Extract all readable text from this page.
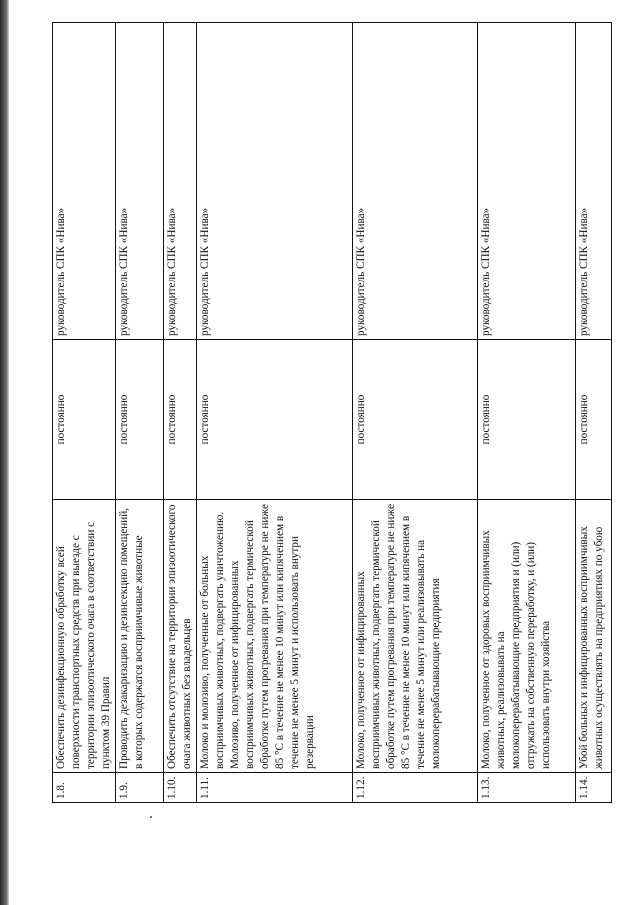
1.8.	Обеспечить дезинфекционную обработку всей поверхности транспортных средств при выезде с территории эпизоотического очага в соответствии с пунктом 39 Правил	постоянно	руководитель СПК «Нива»
1.9.	Проводить дезакаризацию и дезинсекцию помещений, в которых содержатся восприимчивые животные	постоянно	руководитель СПК «Нива»
1.10.	Обеспечить отсутствие на территории эпизоотического очага животных без владельцев	постоянно	руководитель СПК «Нива»
1.11.	Молоко и молозиво, полученные от больных восприимчивых животных, подвергать уничтожению. Молозиво, полученное от инфицированных восприимчивых животных, подвергать термической обработке путем прогревания при температуре не ниже 85 °С в течение не менее 10 минут или кипячением в течение не менее 5 минут и использовать внутри резервации	постоянно	руководитель СПК «Нива»
1.12.	Молоко, полученное от инфицированных восприимчивых животных, подвергать термической обработке путем прогревания при температуре не ниже 85 °С в течение не менее 10 минут или кипячением в течение не менее 5 минут или реализовывать на молокоперерабатывающие предприятия	постоянно	руководитель СПК «Нива»
1.13.	Молоко, полученное от здоровых восприимчивых животных, реализовывать на молокоперерабатывающие предприятия и (или) отгружать на собственную переработку, и (или) использовать внутри хозяйства	постоянно	руководитель СПК «Нива»
1.14.	Убой больных и инфицированных восприимчивых животных осуществлять на предприятиях по убою	постоянно	руководитель СПК «Нива»
